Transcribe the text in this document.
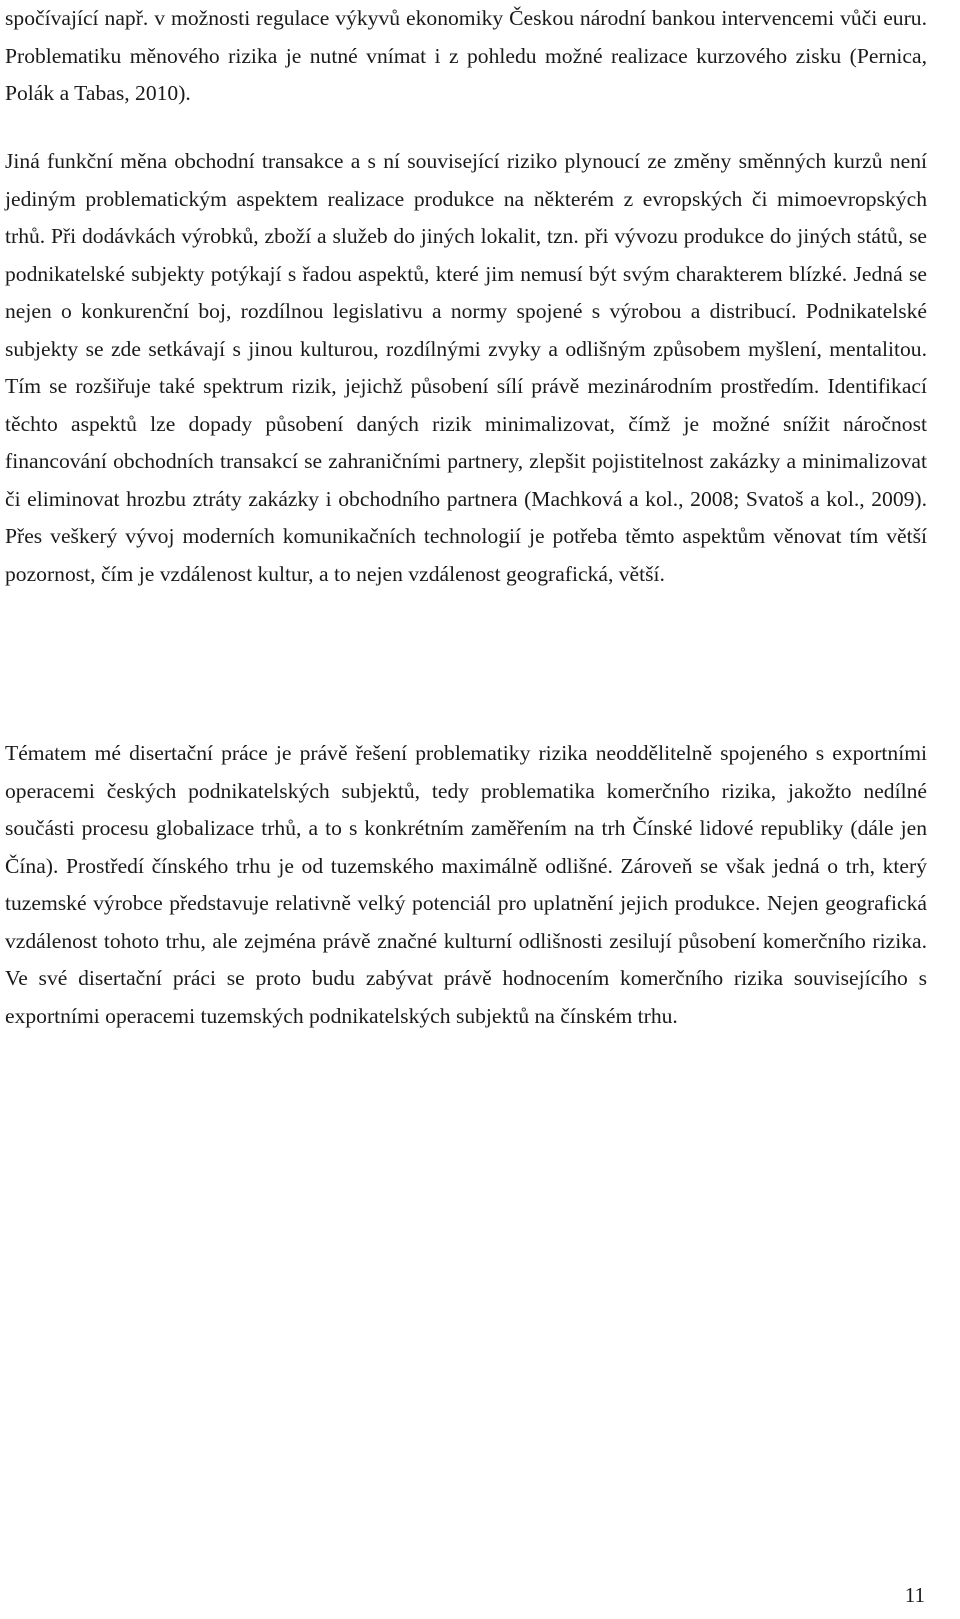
spočívající např. v možnosti regulace výkyvů ekonomiky Českou národní bankou intervencemi vůči euru. Problematiku měnového rizika je nutné vnímat i z pohledu možné realizace kurzového zisku (Pernica, Polák a Tabas, 2010).

Jiná funkční měna obchodní transakce a s ní související riziko plynoucí ze změny směnných kurzů není jediným problematickým aspektem realizace produkce na některém z evropských či mimoevropských trhů. Při dodávkách výrobků, zboží a služeb do jiných lokalit, tzn. při vývozu produkce do jiných států, se podnikatelské subjekty potýkají s řadou aspektů, které jim nemusí být svým charakterem blízké. Jedná se nejen o konkurenční boj, rozdílnou legislativu a normy spojené s výrobou a distribucí. Podnikatelské subjekty se zde setkávají s jinou kulturou, rozdílnými zvyky a odlišným způsobem myšlení, mentalitou. Tím se rozšiřuje také spektrum rizik, jejichž působení sílí právě mezinárodním prostředím. Identifikací těchto aspektů lze dopady působení daných rizik minimalizovat, čímž je možné snížit náročnost financování obchodních transakcí se zahraničními partnery, zlepšit pojistitelnost zakázky a minimalizovat či eliminovat hrozbu ztráty zakázky i obchodního partnera (Machková a kol., 2008; Svatoš a kol., 2009). Přes veškerý vývoj moderních komunikačních technologií je potřeba těmto aspektům věnovat tím větší pozornost, čím je vzdálenost kultur, a to nejen vzdálenost geografická, větší.

Tématem mé disertační práce je právě řešení problematiky rizika neoddělitelně spojeného s exportními operacemi českých podnikatelských subjektů, tedy problematika komerčního rizika, jakožto nedílné součásti procesu globalizace trhů, a to s konkrétním zaměřením na trh Čínské lidové republiky (dále jen Čína). Prostředí čínského trhu je od tuzemského maximálně odlišné. Zároveň se však jedná o trh, který tuzemské výrobce představuje relativně velký potenciál pro uplatnění jejich produkce. Nejen geografická vzdálenost tohoto trhu, ale zejména právě značné kulturní odlišnosti zesilují působení komerčního rizika. Ve své disertační práci se proto budu zabývat právě hodnocením komerčního rizika souvisejícího s exportními operacemi tuzemských podnikatelských subjektů na čínském trhu.

11
